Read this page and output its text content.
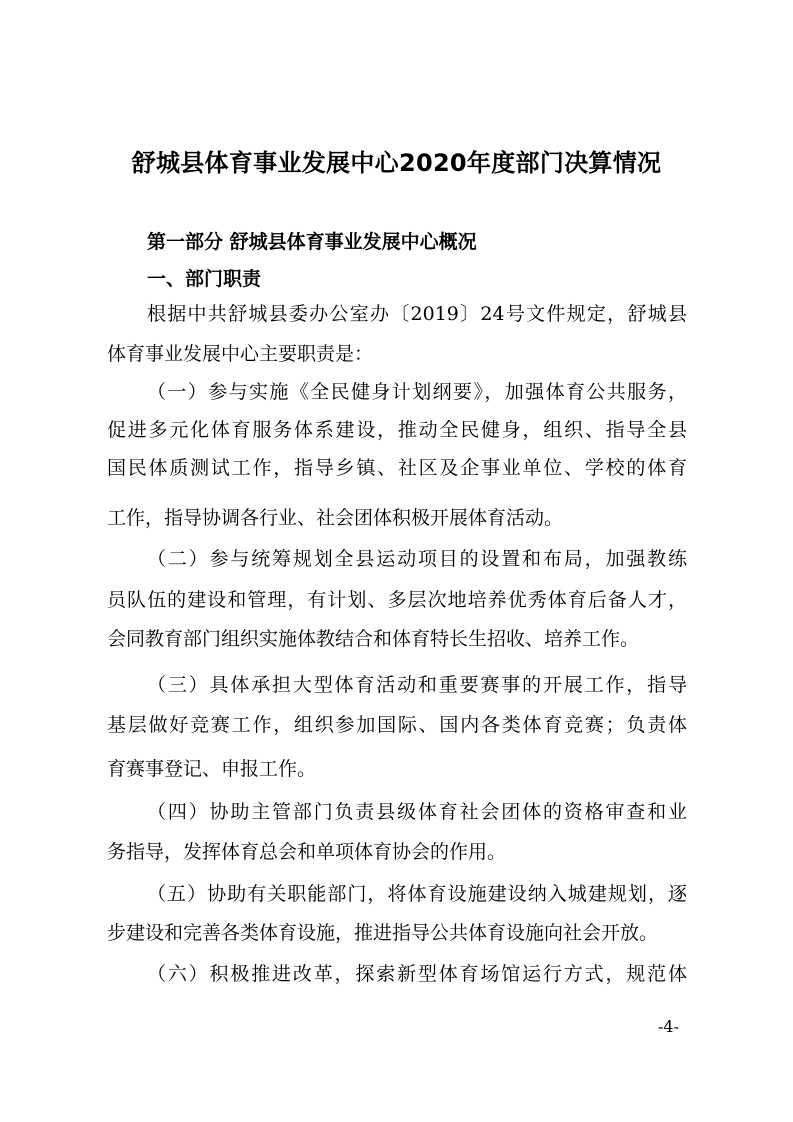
舒城县体育事业发展中心2020年度部门决算情况
第一部分 舒城县体育事业发展中心概况
一、部门职责
根据中共舒城县委办公室办〔2019〕24号文件规定，舒城县
体育事业发展中心主要职责是：
（一）参与实施《全民健身计划纲要》，加强体育公共服务，
促进多元化体育服务体系建设，推动全民健身，组织、指导全县
国民体质测试工作，指导乡镇、社区及企事业单位、学校的体育
工作，指导协调各行业、社会团体积极开展体育活动。
（二）参与统筹规划全县运动项目的设置和布局，加强教练
员队伍的建设和管理，有计划、多层次地培养优秀体育后备人才，
会同教育部门组织实施体教结合和体育特长生招收、培养工作。
（三）具体承担大型体育活动和重要赛事的开展工作，指导
基层做好竞赛工作，组织参加国际、国内各类体育竞赛；负责体
育赛事登记、申报工作。
（四）协助主管部门负责县级体育社会团体的资格审查和业
务指导，发挥体育总会和单项体育协会的作用。
（五）协助有关职能部门，将体育设施建设纳入城建规划，逐
步建设和完善各类体育设施，推进指导公共体育设施向社会开放。
（六）积极推进改革，探索新型体育场馆运行方式，规范体
-4-
